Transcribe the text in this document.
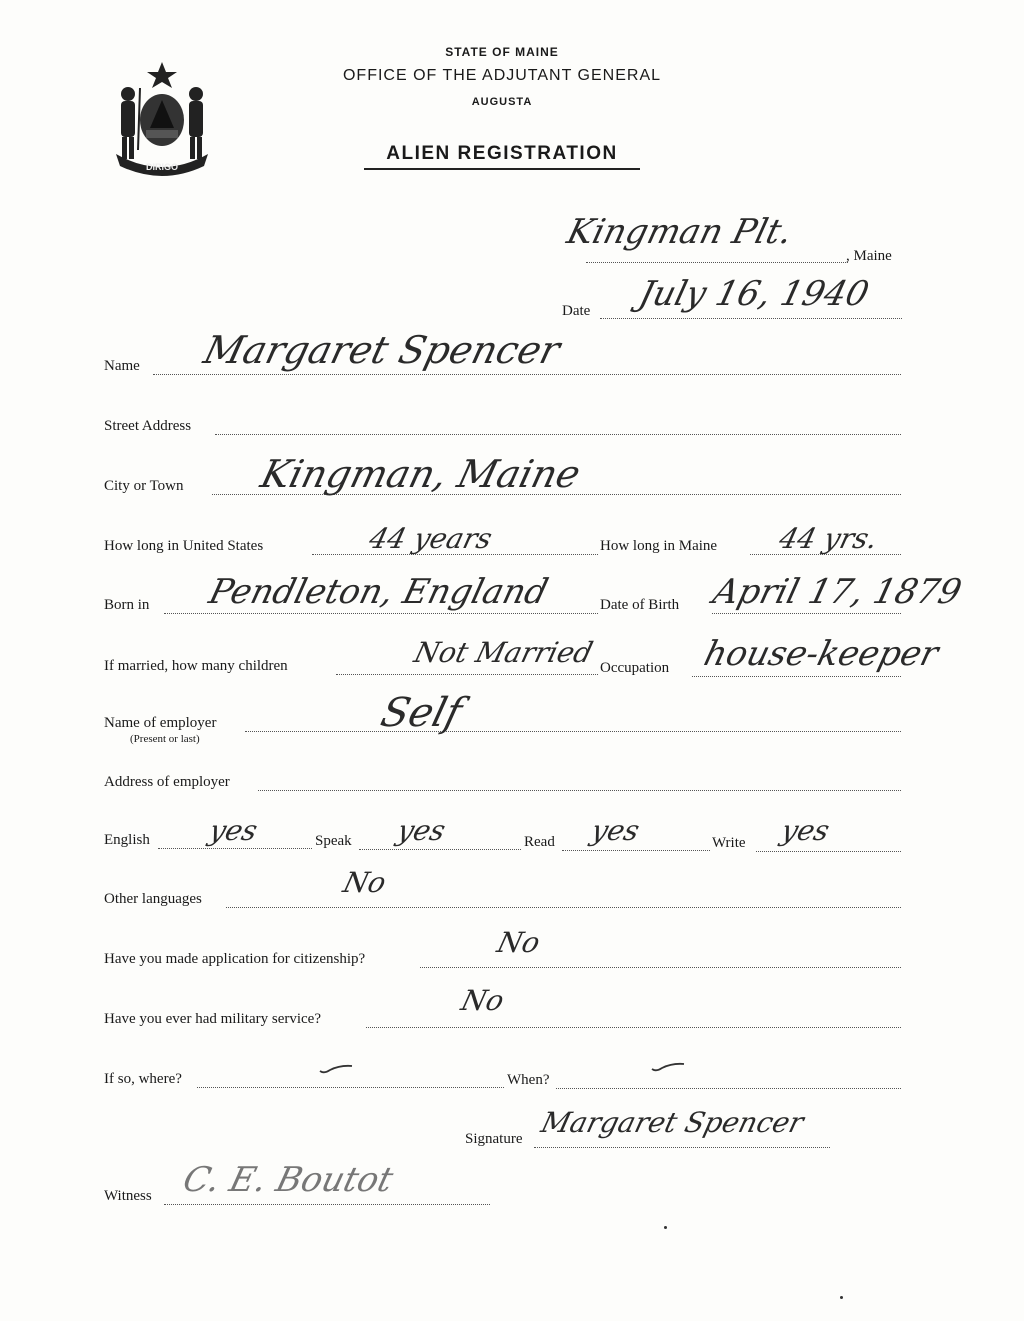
STATE OF MAINE
OFFICE OF THE ADJUTANT GENERAL
AUGUSTA
ALIEN REGISTRATION
DIRIGO
Kingman Plt.
, Maine
Date July 16, 1940
Name Margaret Spencer
Street Address
City or Town Kingman, Maine
How long in United States	44 years	How long in Maine 44 yrs.
Born in Pendleton, England	Date of Birth April 17, 1879
If married, how many children	Not Married Occupation house-keeper
Name of employer
(Present or last)
Self
Address of employer
English yes	Speak yes	Read yes	Write yes
Other languages	No
Have you made application for citizenship?	No
Have you ever had military service?
No
If so, where?	When?
Signature Margaret Spencer
Witness C. E. Boutot
